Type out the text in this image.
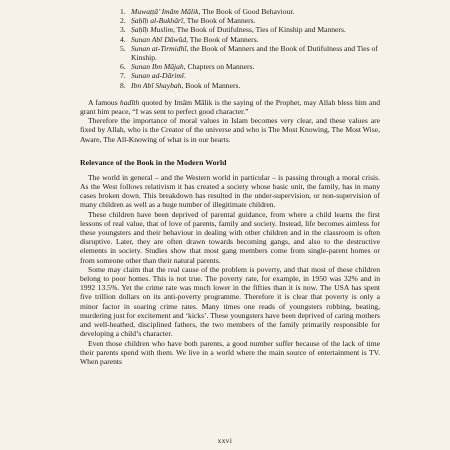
1. Muwaṭṭā’ Imām Mālik, The Book of Good Behaviour.
2. Ṣaḥīḥ al-Bukhārī, The Book of Manners.
3. Ṣaḥīḥ Muslim, The Book of Dutifulness, Ties of Kinship and Manners.
4. Sunan Abī Dāwūd, The Book of Manners.
5. Sunan at-Tirmidhī, the Book of Manners and the Book of Dutifulness and Ties of Kinship.
6. Sunan Ibn Mājah, Chapters on Manners.
7. Sunan ad-Dārimī.
8. Ibn Abī Shaybah, Book of Manners.

A famous hadīth quoted by Imām Mālik is the saying of the Prophet, may Allah bless him and grant him peace, “I was sent to perfect good character.”

Therefore the importance of moral values in Islam becomes very clear, and these values are fixed by Allah, who is the Creator of the universe and who is The Most Knowing, The Most Wise, Aware, The All-Knowing of what is in our hearts.

Relevance of the Book in the Modern World

The world in general – and the Western world in particular – is passing through a moral crisis. As the West follows relativism it has created a society whose basic unit, the family, has in many cases broken down. This breakdown has resulted in the under-supervision, or non-supervision of many children as well as a huge number of illegitimate children.

These children have been deprived of parental guidance, from where a child learns the first lessons of real value, that of love of parents, family and society. Instead, life becomes aimless for these youngsters and their behaviour in dealing with other children and in the classroom is often disruptive. Later, they are often drawn towards becoming gangs, and also to the destructive elements in society. Studies show that most gang members come from single-parent homes or from someone other than their natural parents.

Some may claim that the real cause of the problem is poverty, and that most of these children belong to poor homes. This is not true. The poverty rate, for example, in 1950 was 32% and in 1992 13.5%. Yet the crime rate was much lower in the fifties than it is now. The USA has spent five trillion dollars on its anti-poverty programme. Therefore it is clear that poverty is only a minor factor in soaring crime rates. Many times one reads of youngsters robbing, beating, murdering just for excitement and ‘kicks’. These youngsters have been deprived of caring mothers and well-heathed, disciplined fathers, the two members of the family primarily responsible for developing a child’s character.

Even those children who have both parents, a good number suffer because of the lack of time their parents spend with them. We live in a world where the main source of entertainment is TV. When parents

xxvi
